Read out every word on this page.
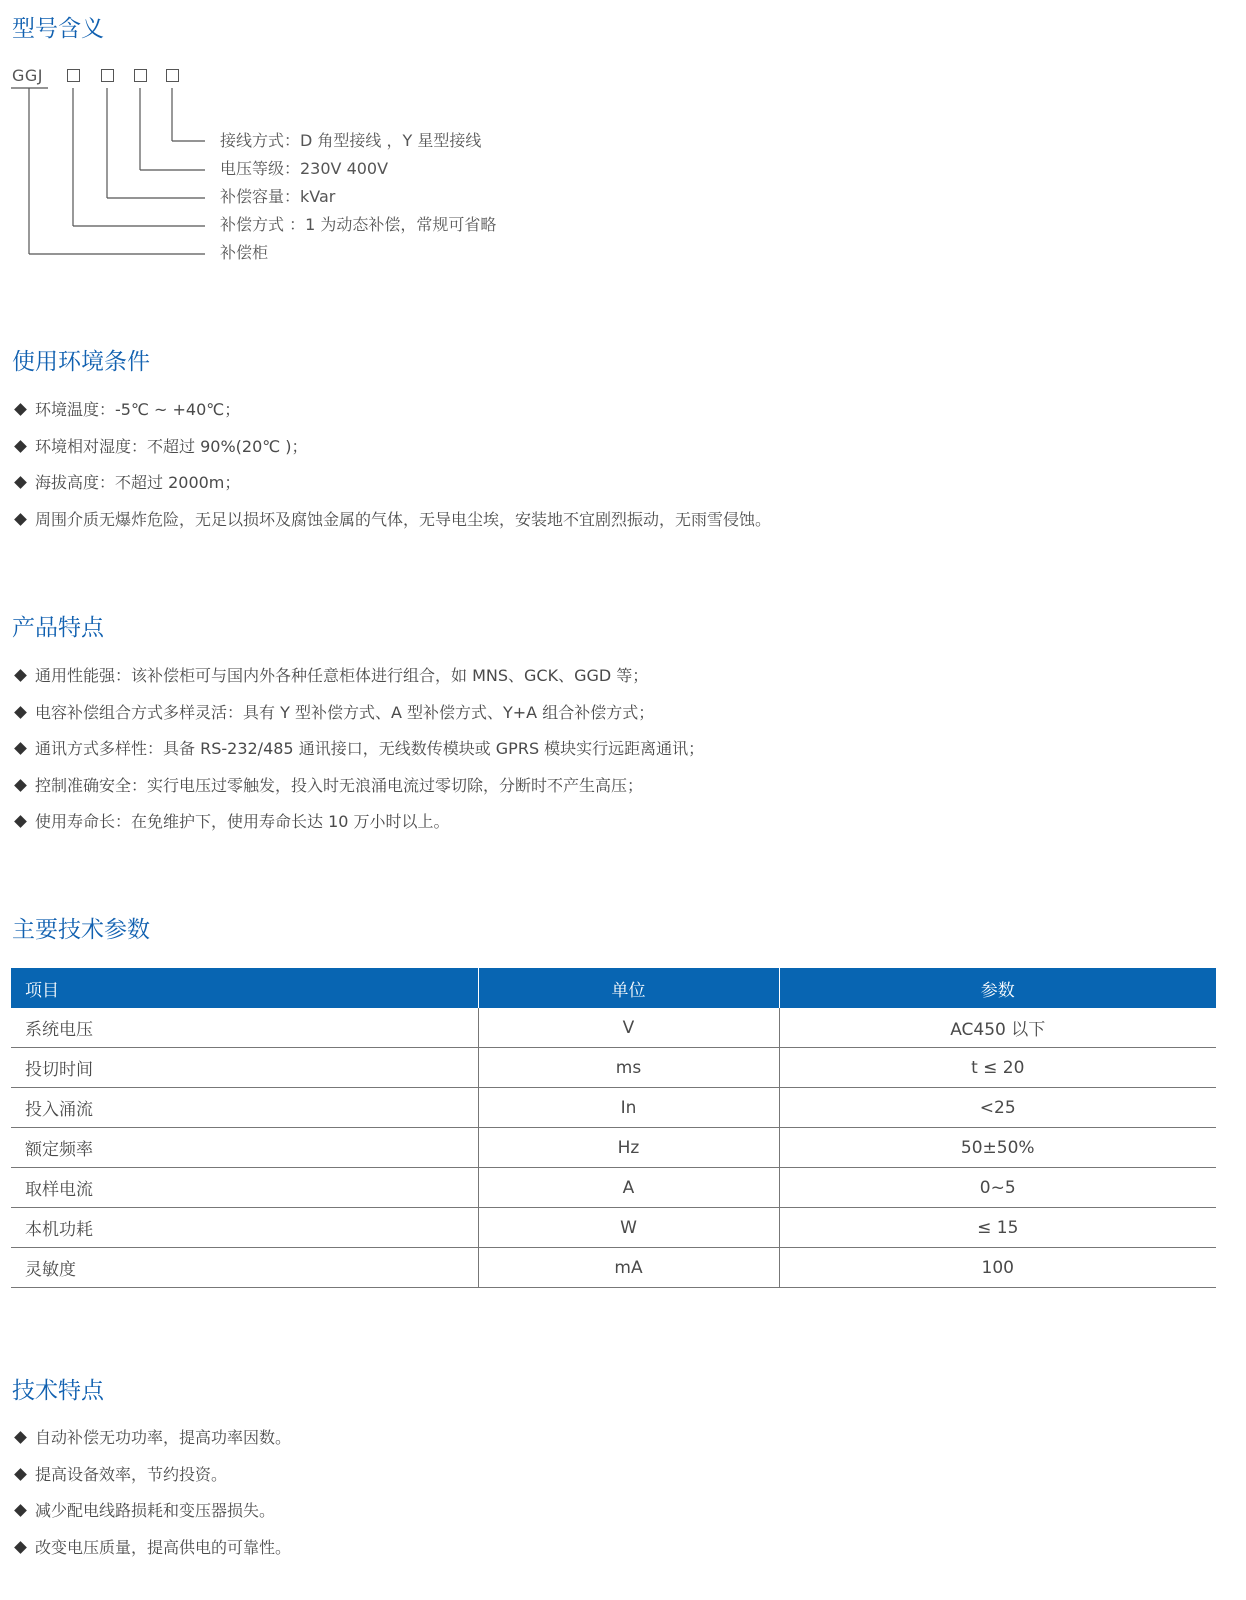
型号含义
GGJ
接线方式：D 角型接线 ，Y 星型接线
电压等级：230V 400V
补偿容量：kVar
补偿方式 ：1 为动态补偿，常规可省略
补偿柜
使用环境条件
环境温度：-5℃ ~ +40℃；
环境相对湿度：不超过 90%(20℃ )；
海拔高度：不超过 2000m；
周围介质无爆炸危险，无足以损坏及腐蚀金属的气体，无导电尘埃，安装地不宜剧烈振动，无雨雪侵蚀。
产品特点
通用性能强：该补偿柜可与国内外各种任意柜体进行组合，如 MNS、GCK、GGD 等；
电容补偿组合方式多样灵活：具有 Y 型补偿方式、A 型补偿方式、Y+A 组合补偿方式；
通讯方式多样性：具备 RS-232/485 通讯接口，无线数传模块或 GPRS 模块实行远距离通讯；
控制准确安全：实行电压过零触发，投入时无浪涌电流过零切除，分断时不产生高压；
使用寿命长：在免维护下，使用寿命长达 10 万小时以上。
主要技术参数
项目	单位	参数
系统电压	V	AC450 以下
投切时间	ms	t ≤ 20
投入涌流	In	<25
额定频率	Hz	50±50%
取样电流	A	0~5
本机功耗	W	≤ 15
灵敏度	mA	100
技术特点
自动补偿无功功率，提高功率因数。
提高设备效率，节约投资。
减少配电线路损耗和变压器损失。
改变电压质量，提高供电的可靠性。
